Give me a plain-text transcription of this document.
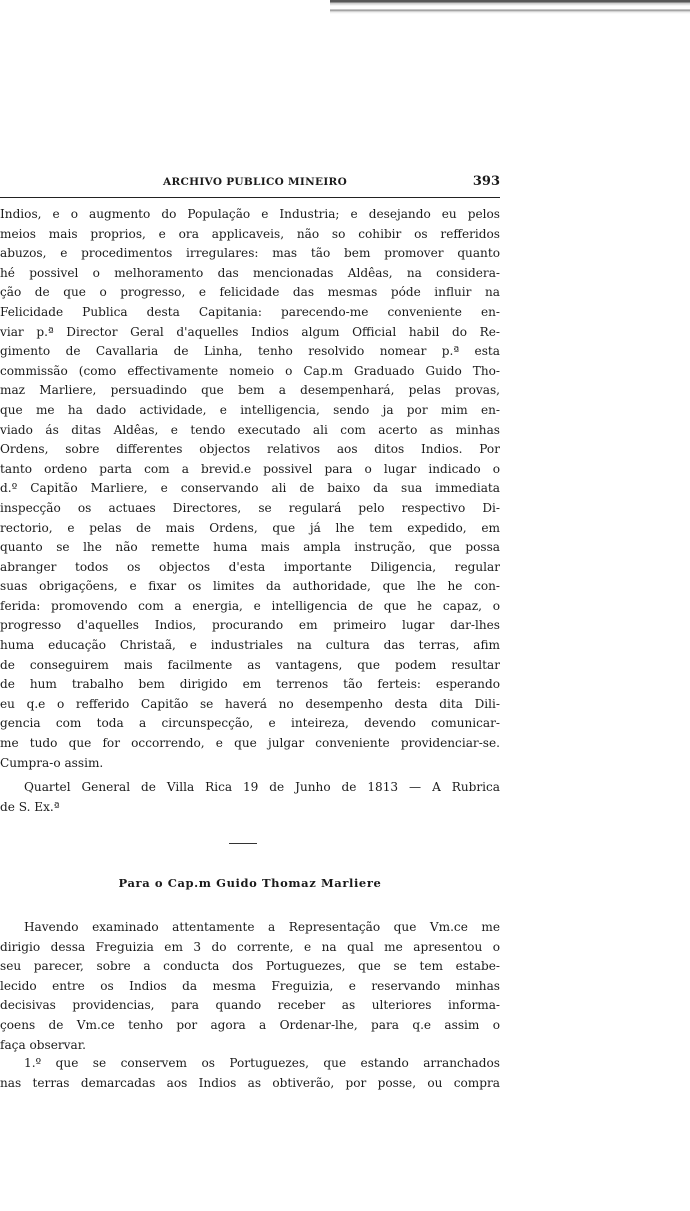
ARCHIVO PUBLICO MINEIRO	393
Indios, e o augmento do População e Industria; e desejando eu pelos
meios mais proprios, e ora applicaveis, não so cohibir os refferidos
abuzos, e procedimentos irregulares: mas tão bem promover quanto
hé possivel o melhoramento das mencionadas Aldêas, na considera-
ção de que o progresso, e felicidade das mesmas póde influir na
Felicidade Publica desta Capitania: parecendo-me conveniente en-
viar p.ª Director Geral d'aquelles Indios algum Official habil do Re-
gimento de Cavallaria de Linha, tenho resolvido nomear p.ª esta
commissão (como effectivamente nomeio o Cap.m Graduado Guido Tho-
maz Marliere, persuadindo que bem a desempenhará, pelas provas,
que me ha dado actividade, e intelligencia, sendo ja por mim en-
viado ás ditas Aldêas, e tendo executado ali com acerto as minhas
Ordens, sobre differentes objectos relativos aos ditos Indios. Por
tanto ordeno parta com a brevid.e possivel para o lugar indicado o
d.º Capitão Marliere, e conservando ali de baixo da sua immediata
inspecção os actuaes Directores, se regulará pelo respectivo Di-
rectorio, e pelas de mais Ordens, que já lhe tem expedido, em
quanto se lhe não remette huma mais ampla instrução, que possa
abranger todos os objectos d'esta importante Diligencia, regular
suas obrigaçõens, e fixar os limites da authoridade, que lhe he con-
ferida: promovendo com a energia, e intelligencia de que he capaz, o
progresso d'aquelles Indios, procurando em primeiro lugar dar-lhes
huma educação Christaã, e industriales na cultura das terras, afim
de conseguirem mais facilmente as vantagens, que podem resultar
de hum trabalho bem dirigido em terrenos tão ferteis: esperando
eu q.e o refferido Capitão se haverá no desempenho desta dita Dili-
gencia com toda a circunspecção, e inteireza, devendo comunicar-
me tudo que for occorrendo, e que julgar conveniente providenciar-se.
Cumpra-o assim.
Quartel General de Villa Rica 19 de Junho de 1813 — A Rubrica
de S. Ex.ª
Para o Cap.m Guido Thomaz Marliere
Havendo examinado attentamente a Representação que Vm.ce me
dirigio dessa Freguizia em 3 do corrente, e na qual me apresentou o
seu parecer, sobre a conducta dos Portuguezes, que se tem estabe-
lecido entre os Indios da mesma Freguizia, e reservando minhas
decisivas providencias, para quando receber as ulteriores informa-
çoens de Vm.ce tenho por agora a Ordenar-lhe, para q.e assim o
faça observar.
1.º que se conservem os Portuguezes, que estando arranchados
nas terras demarcadas aos Indios as obtiverão, por posse, ou compra
